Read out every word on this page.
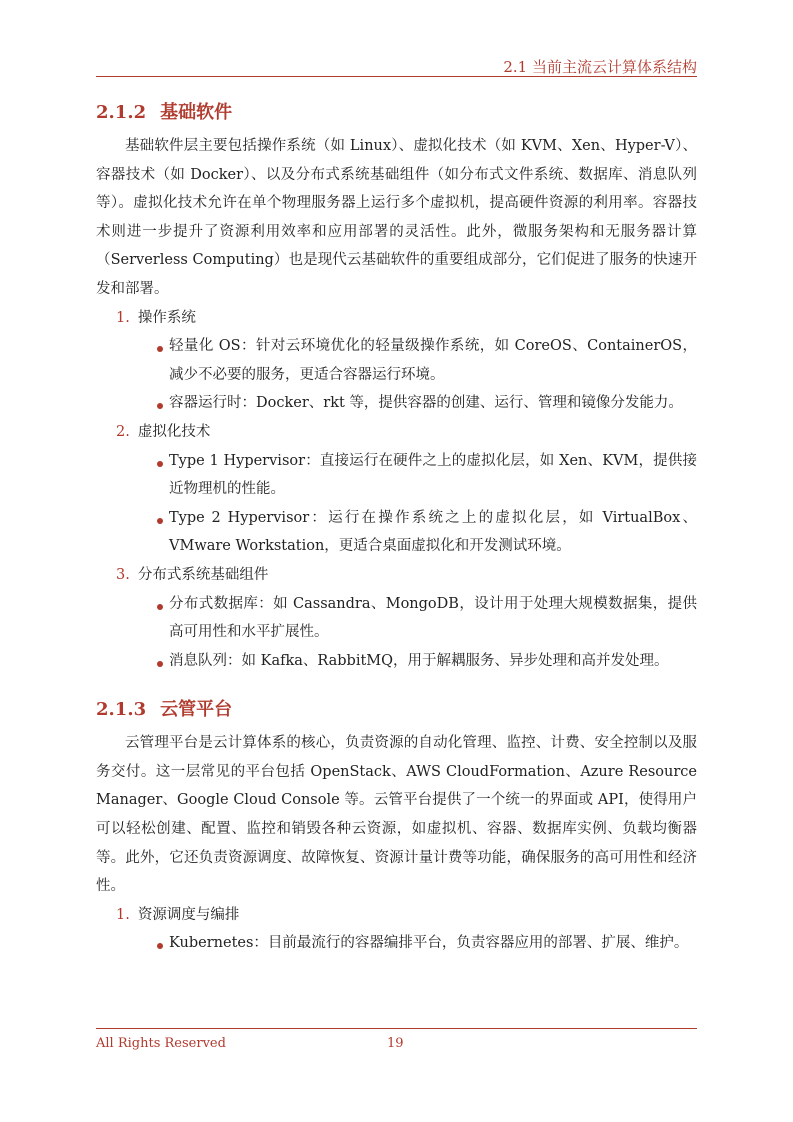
2.1 当前主流云计算体系结构
2.1.2 基础软件

基础软件层主要包括操作系统（如 Linux）、虚拟化技术（如 KVM、Xen、Hyper-V）、容器技术（如 Docker）、以及分布式系统基础组件（如分布式文件系统、数据库、消息队列等）。虚拟化技术允许在单个物理服务器上运行多个虚拟机，提高硬件资源的利用率。容器技术则进一步提升了资源利用效率和应用部署的灵活性。此外，微服务架构和无服务器计算（Serverless Computing）也是现代云基础软件的重要组成部分，它们促进了服务的快速开发和部署。

1. 操作系统
轻量化 OS：针对云环境优化的轻量级操作系统，如 CoreOS、ContainerOS，减少不必要的服务，更适合容器运行环境。
容器运行时：Docker、rkt 等，提供容器的创建、运行、管理和镜像分发能力。
2. 虚拟化技术
Type 1 Hypervisor：直接运行在硬件之上的虚拟化层，如 Xen、KVM，提供接近物理机的性能。
Type 2 Hypervisor：运行在操作系统之上的虚拟化层，如 VirtualBox、VMware Workstation，更适合桌面虚拟化和开发测试环境。
3. 分布式系统基础组件
分布式数据库：如 Cassandra、MongoDB，设计用于处理大规模数据集，提供高可用性和水平扩展性。
消息队列：如 Kafka、RabbitMQ，用于解耦服务、异步处理和高并发处理。
2.1.3 云管平台

云管理平台是云计算体系的核心，负责资源的自动化管理、监控、计费、安全控制以及服务交付。这一层常见的平台包括 OpenStack、AWS CloudFormation、Azure Resource Manager、Google Cloud Console 等。云管平台提供了一个统一的界面或 API，使得用户可以轻松创建、配置、监控和销毁各种云资源，如虚拟机、容器、数据库实例、负载均衡器等。此外，它还负责资源调度、故障恢复、资源计量计费等功能，确保服务的高可用性和经济性。

1. 资源调度与编排
Kubernetes：目前最流行的容器编排平台，负责容器应用的部署、扩展、维护。
All Rights Reserved	19
